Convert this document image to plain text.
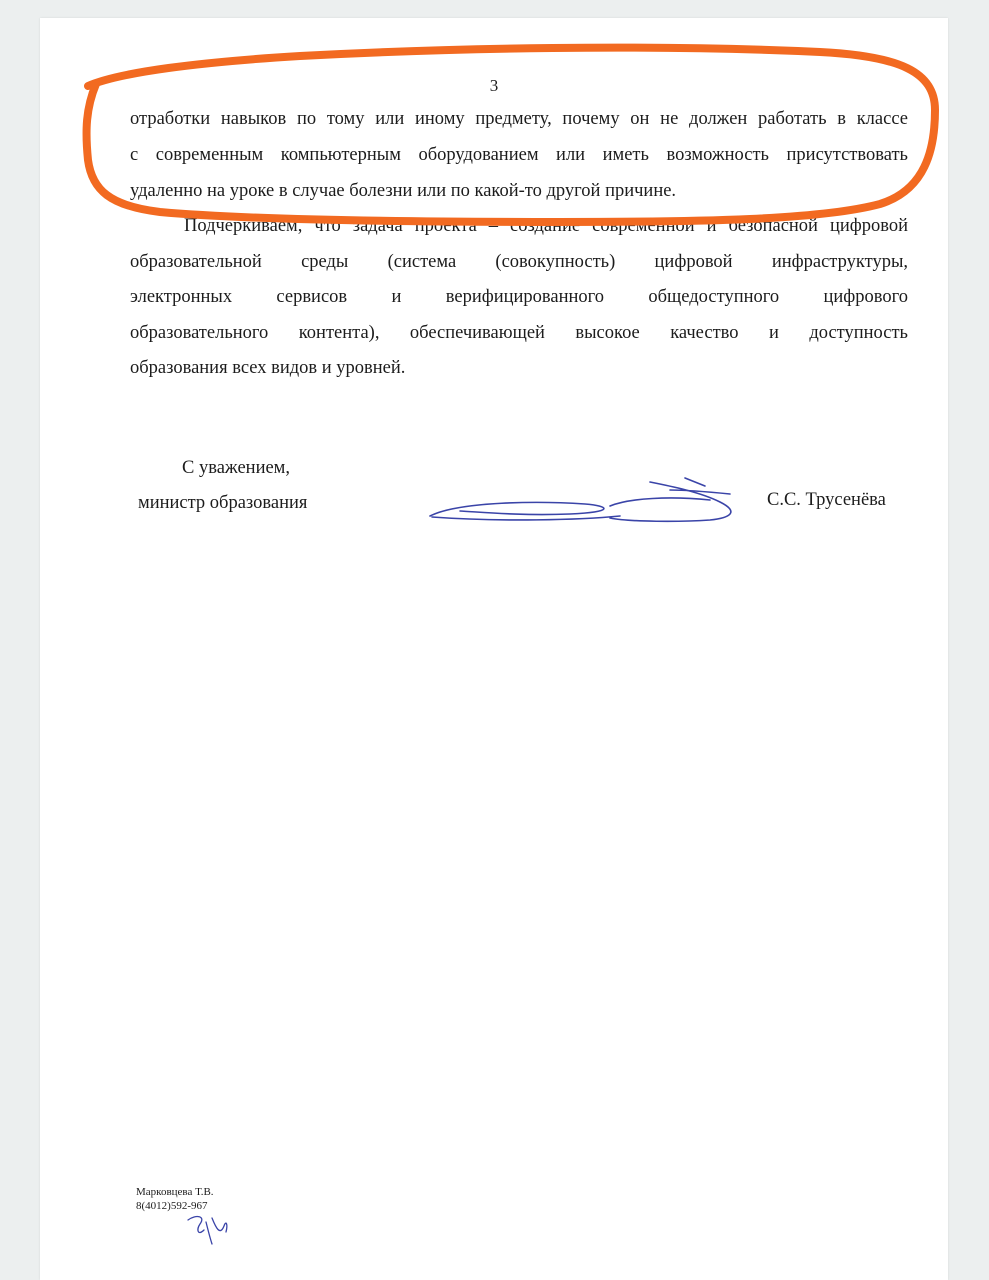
3
отработки навыков по тому или иному предмету, почему он не должен работать в классе
с современным компьютерным оборудованием или иметь возможность присутствовать
удаленно на уроке в случае болезни или по какой-то другой причине.
Подчеркиваем, что задача проекта – создание современной и безопасной цифровой
образовательной среды (система (совокупность) цифровой инфраструктуры,
электронных сервисов и верифицированного общедоступного цифрового
образовательного контента), обеспечивающей высокое качество и доступность
образования всех видов и уровней.
С уважением,
министр образования	С.С. Трусенёва
Марковцева Т.В.
8(4012)592-967
